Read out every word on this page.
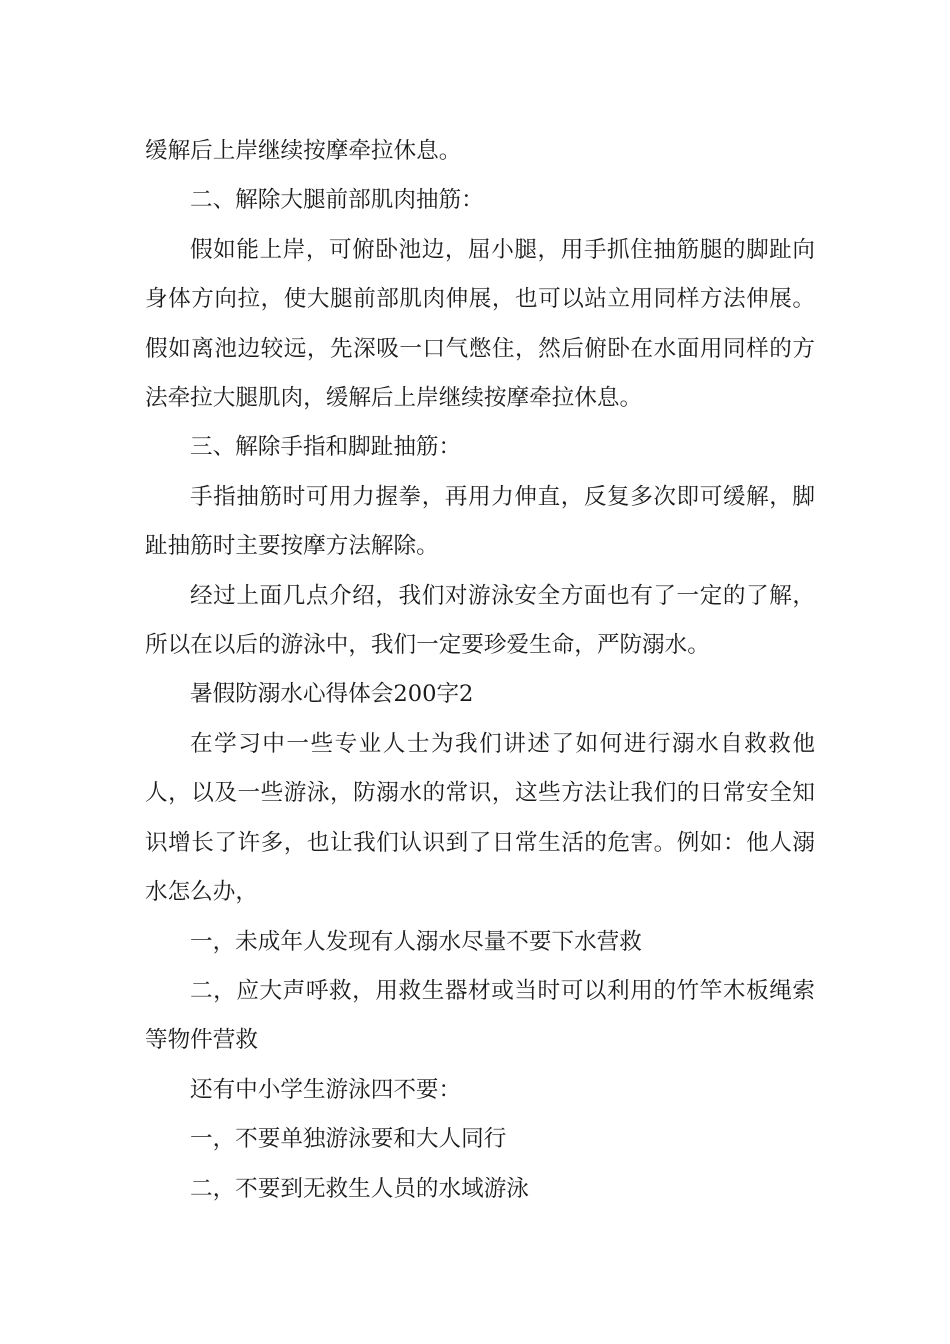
缓解后上岸继续按摩牵拉休息。

二、解除大腿前部肌肉抽筋：

假如能上岸，可俯卧池边，屈小腿，用手抓住抽筋腿的脚趾向身体方向拉，使大腿前部肌肉伸展，也可以站立用同样方法伸展。假如离池边较远，先深吸一口气憋住，然后俯卧在水面用同样的方法牵拉大腿肌肉，缓解后上岸继续按摩牵拉休息。

三、解除手指和脚趾抽筋：

手指抽筋时可用力握拳，再用力伸直，反复多次即可缓解，脚趾抽筋时主要按摩方法解除。

经过上面几点介绍，我们对游泳安全方面也有了一定的了解，所以在以后的游泳中，我们一定要珍爱生命，严防溺水。

暑假防溺水心得体会200字2

在学习中一些专业人士为我们讲述了如何进行溺水自救救他人，以及一些游泳，防溺水的常识，这些方法让我们的日常安全知识增长了许多，也让我们认识到了日常生活的危害。例如：他人溺水怎么办，

一，未成年人发现有人溺水尽量不要下水营救

二，应大声呼救，用救生器材或当时可以利用的竹竿木板绳索等物件营救

还有中小学生游泳四不要：

一，不要单独游泳要和大人同行

二，不要到无救生人员的水域游泳
